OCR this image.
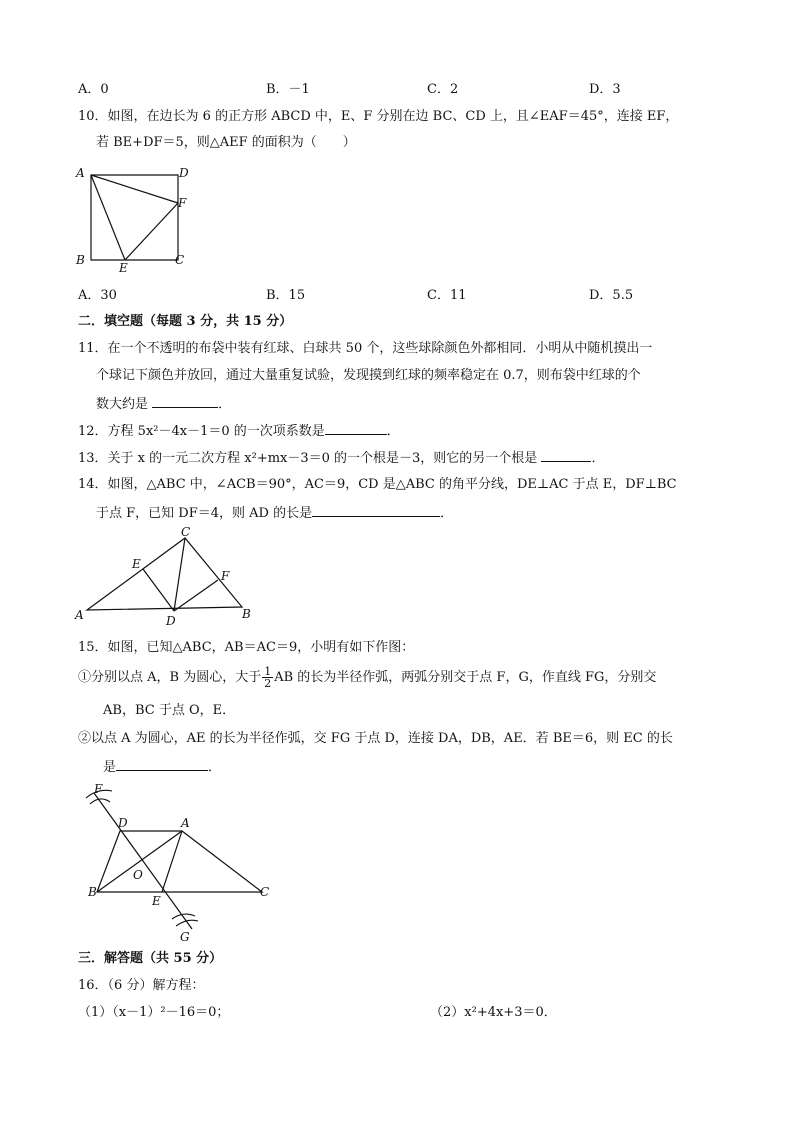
A．0	B．－1	C．2	D．3
10．如图，在边长为 6 的正方形 ABCD 中，E、F 分别在边 BC、CD 上，且∠EAF＝45°，连接 EF，
若 BE+DF＝5，则△AEF 的面积为（　　）
A	D
F
B
E
C
A．30	B．15	C．11	D．5.5
二．填空题（每题 3 分，共 15 分）
11．在一个不透明的布袋中装有红球、白球共 50 个，这些球除颜色外都相同．小明从中随机摸出一
个球记下颜色并放回，通过大量重复试验，发现摸到红球的频率稳定在 0.7，则布袋中红球的个
数大约是	．
12．方程 5x²－4x－1＝0 的一次项系数是	．
13．关于 x 的一元二次方程 x²+mx－3＝0 的一个根是－3，则它的另一个根是	．
14．如图，△ABC 中，∠ACB＝90°，AC＝9，CD 是△ABC 的角平分线，DE⊥AC 于点 E，DF⊥BC
于点 F，已知 DF＝4，则 AD 的长是	．
C
E
F
A	D	B
15．如图，已知△ABC，AB＝AC＝9，小明有如下作图：
①分别以点 A，B 为圆心，大于 $\frac{1}{2}$ AB 的长为半径作弧，两弧分别交于点 F，G，作直线 FG，分别交
AB，BC 于点 O，E．
②以点 A 为圆心，AE 的长为半径作弧，交 FG 于点 D，连接 DA，DB，AE．若 BE＝6，则 EC 的长
是	．
F
D	A
O
B
E
C
G
三．解答题（共 55 分）
16．（6 分）解方程：
（1）（x－1）²－16＝0；	（2）x²+4x+3＝0．
